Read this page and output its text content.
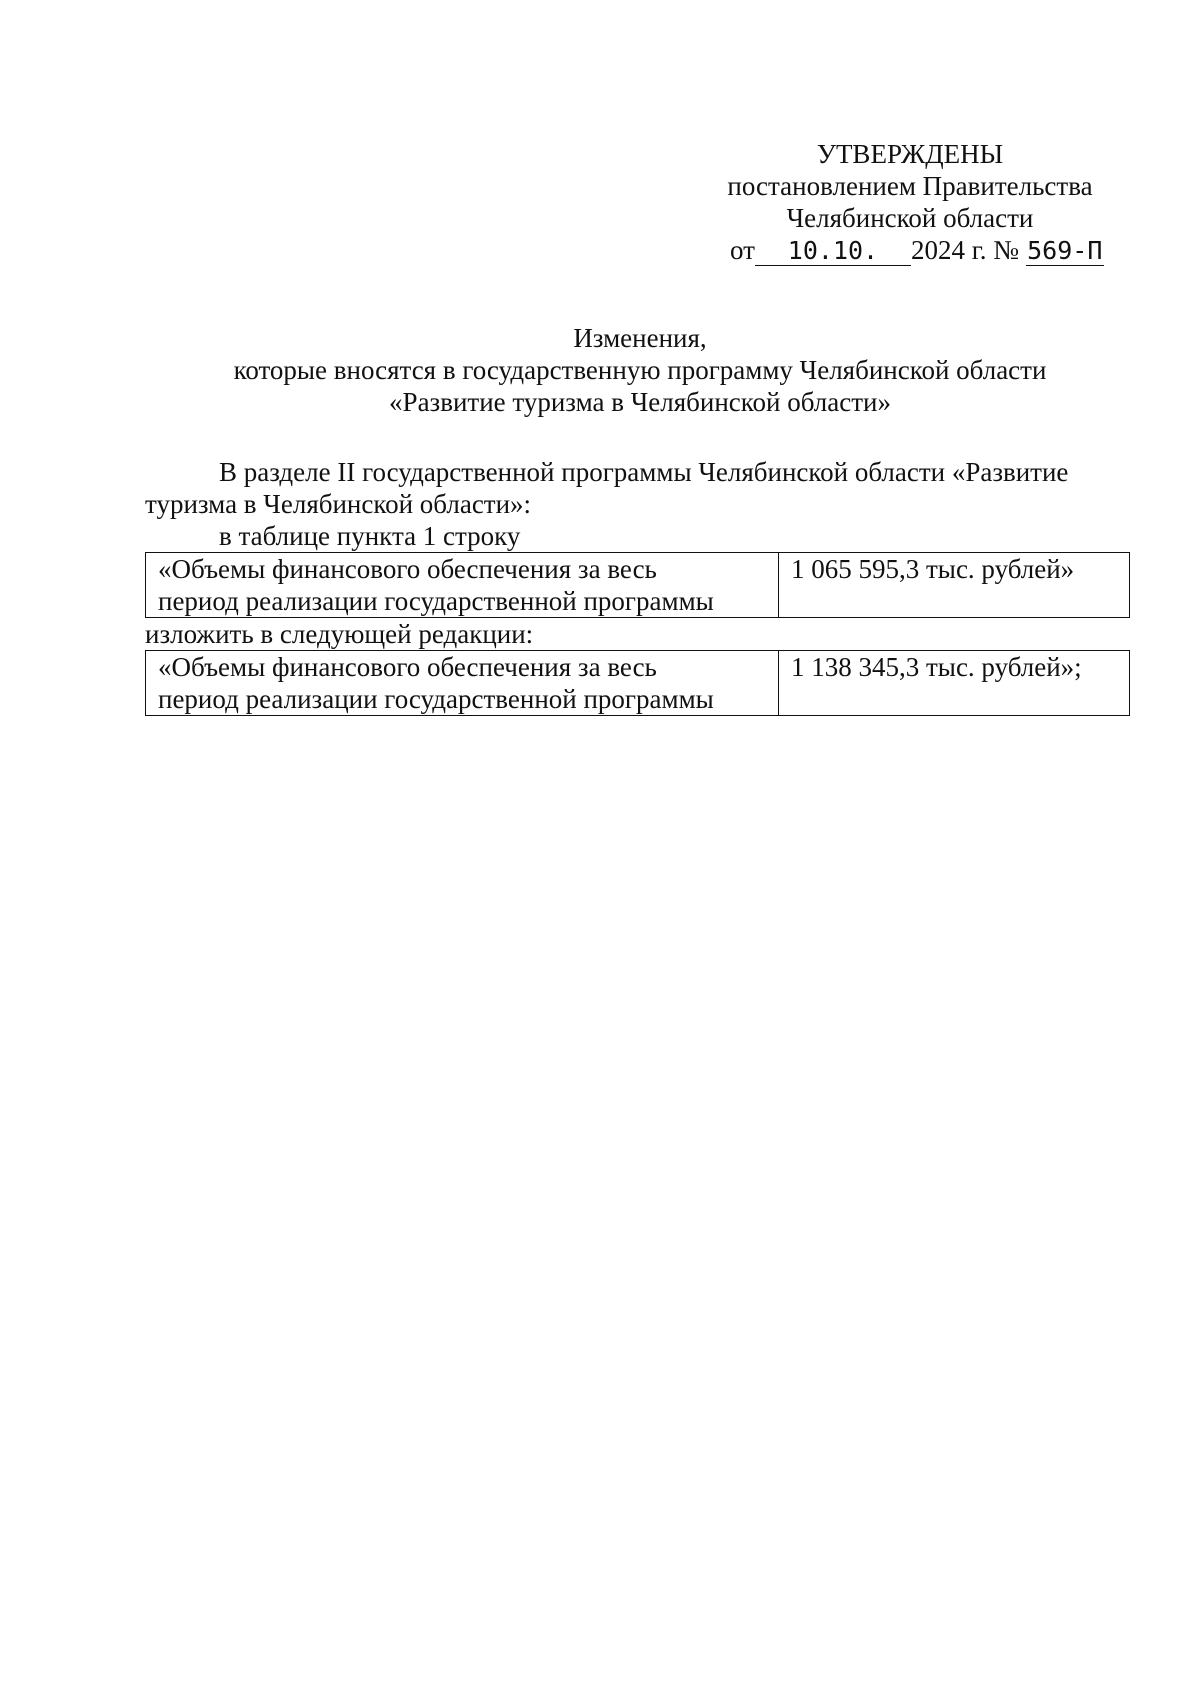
УТВЕРЖДЕНЫ
постановлением Правительства
Челябинской области
от 10.10. 2024 г. № 569-П
Изменения,
которые вносятся в государственную программу Челябинской области
«Развитие туризма в Челябинской области»
В разделе II государственной программы Челябинской области «Развитие
туризма в Челябинской области»:
в таблице пункта 1 строку
«Объемы финансового обеспечения за весь
период реализации государственной программы
	1 065 595,3 тыс. рублей»
изложить в следующей редакции:
«Объемы финансового обеспечения за весь
период реализации государственной программы
	1 138 345,3 тыс. рублей»;
